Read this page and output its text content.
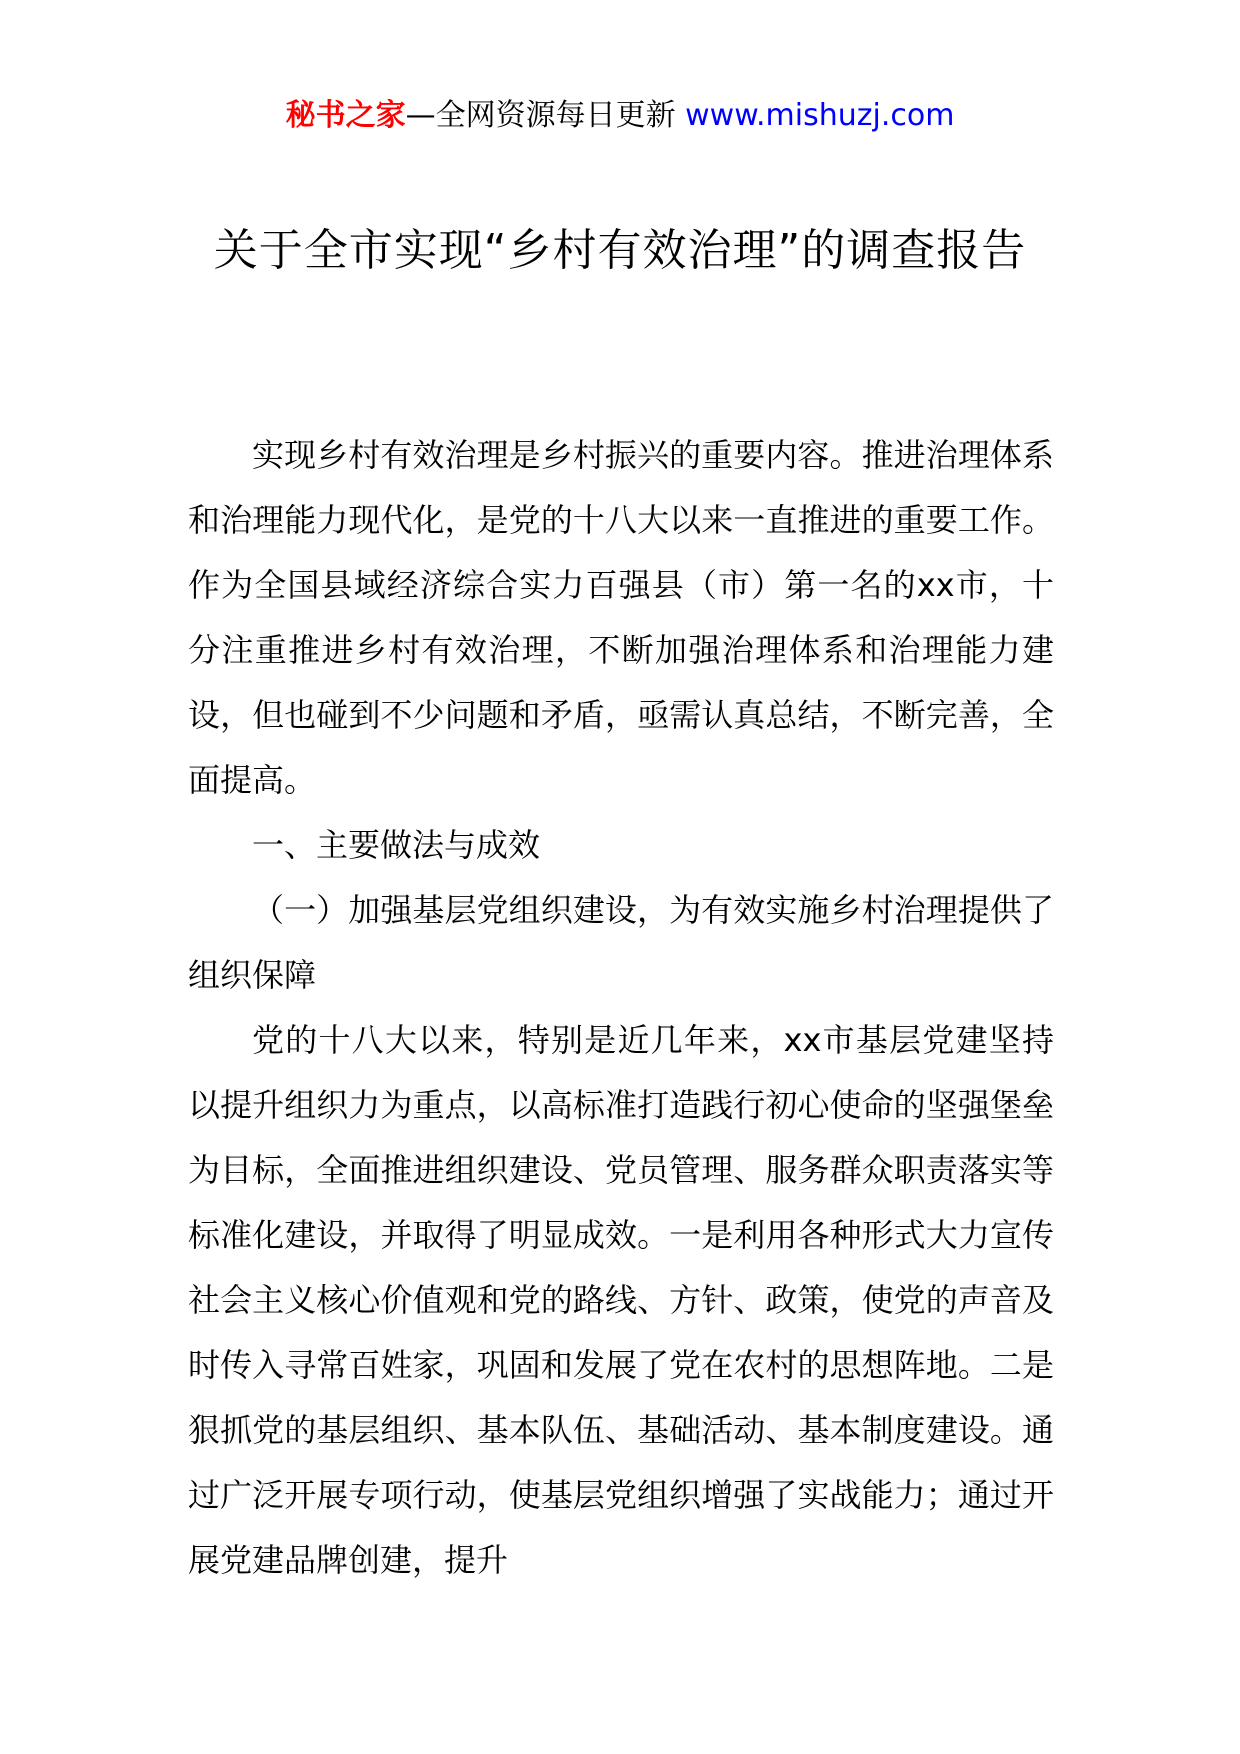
秘书之家—全网资源每日更新 www.mishuzj.com
关于全市实现“乡村有效治理”的调查报告

实现乡村有效治理是乡村振兴的重要内容。推进治理体系和治理能力现代化，是党的十八大以来一直推进的重要工作。作为全国县域经济综合实力百强县（市）第一名的xx市，十分注重推进乡村有效治理，不断加强治理体系和治理能力建设，但也碰到不少问题和矛盾，亟需认真总结，不断完善，全面提高。

一、主要做法与成效

（一）加强基层党组织建设，为有效实施乡村治理提供了组织保障

党的十八大以来，特别是近几年来，xx市基层党建坚持以提升组织力为重点，以高标准打造践行初心使命的坚强堡垒为目标，全面推进组织建设、党员管理、服务群众职责落实等标准化建设，并取得了明显成效。一是利用各种形式大力宣传社会主义核心价值观和党的路线、方针、政策，使党的声音及时传入寻常百姓家，巩固和发展了党在农村的思想阵地。二是狠抓党的基层组织、基本队伍、基础活动、基本制度建设。通过广泛开展专项行动，使基层党组织增强了实战能力；通过开展党建品牌创建，提升
